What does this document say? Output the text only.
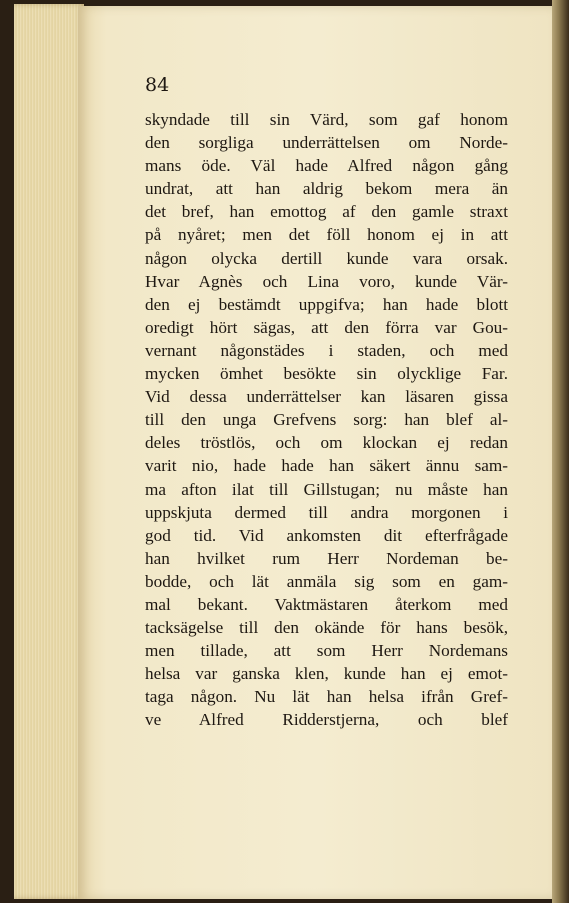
84

skyndade till sin Värd, som gaf honom
den sorgliga underrättelsen om Norde-
mans öde. Väl hade Alfred någon gång
undrat, att han aldrig bekom mera än
det bref, han emottog af den gamle straxt
på nyåret; men det föll honom ej in att
någon olycka dertill kunde vara orsak.
Hvar Agnès och Lina voro, kunde Vär-
den ej bestämdt uppgifva; han hade blott
oredigt hört sägas, att den förra var Gou-
vernant någonstädes i staden, och med
mycken ömhet besökte sin olycklige Far.
Vid dessa underrättelser kan läsaren gissa
till den unga Grefvens sorg: han blef al-
deles tröstlös, och om klockan ej redan
varit nio, hade hade han säkert ännu sam-
ma afton ilat till Gillstugan; nu måste han
uppskjuta dermed till andra morgonen i
god tid. Vid ankomsten dit efterfrågade
han hvilket rum Herr Nordeman be-
bodde, och lät anmäla sig som en gam-
mal bekant. Vaktmästaren återkom med
tacksägelse till den okände för hans besök,
men tillade, att som Herr Nordemans
helsa var ganska klen, kunde han ej emot-
taga någon. Nu lät han helsa ifrån Gref-
ve Alfred Ridderstjerna, och blef
